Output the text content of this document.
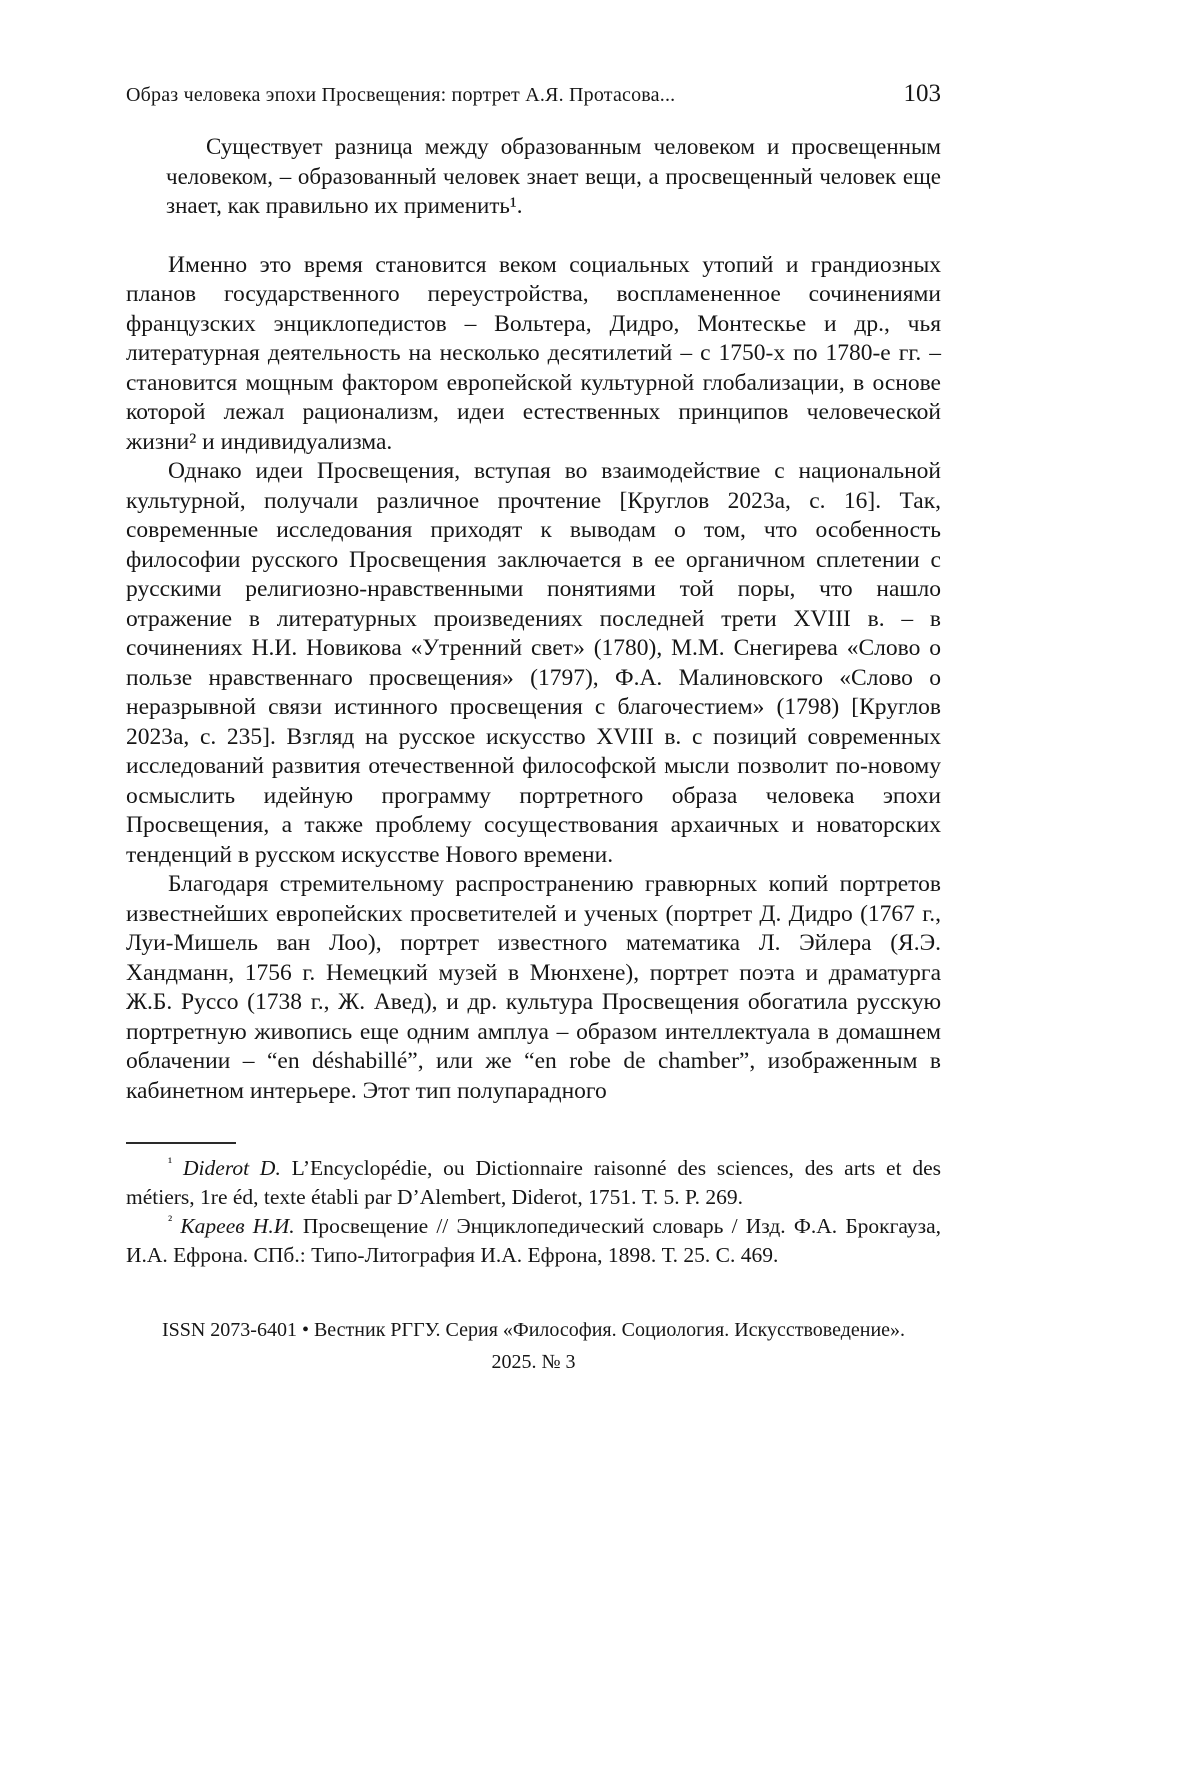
Образ человека эпохи Просвещения: портрет А.Я. Протасова...	103
Существует разница между образованным человеком и просвещенным человеком, – образованный человек знает вещи, а просвещенный человек еще знает, как правильно их применить¹.

Именно это время становится веком социальных утопий и грандиозных планов государственного переустройства, воспламененное сочинениями французских энциклопедистов – Вольтера, Дидро, Монтескье и др., чья литературная деятельность на несколько десятилетий – с 1750-х по 1780-е гг. – становится мощным фактором европейской культурной глобализации, в основе которой лежал рационализм, идеи естественных принципов человеческой жизни² и индивидуализма.

Однако идеи Просвещения, вступая во взаимодействие с национальной культурной, получали различное прочтение [Круглов 2023а, с. 16]. Так, современные исследования приходят к выводам о том, что особенность философии русского Просвещения заключается в ее органичном сплетении с русскими религиозно-нравственными понятиями той поры, что нашло отражение в литературных произведениях последней трети XVIII в. – в сочинениях Н.И. Новикова «Утренний свет» (1780), М.М. Снегирева «Слово о пользе нравственнаго просвещения» (1797), Ф.А. Малиновского «Слово о неразрывной связи истинного просвещения с благочестием» (1798) [Круглов 2023а, с. 235]. Взгляд на русское искусство XVIII в. с позиций современных исследований развития отечественной философской мысли позволит по-новому осмыслить идейную программу портретного образа человека эпохи Просвещения, а также проблему сосуществования архаичных и новаторских тенденций в русском искусстве Нового времени.

Благодаря стремительному распространению гравюрных копий портретов известнейших европейских просветителей и ученых (портрет Д. Дидро (1767 г., Луи-Мишель ван Лоо), портрет известного математика Л. Эйлера (Я.Э. Хандманн, 1756 г. Немецкий музей в Мюнхене), портрет поэта и драматурга Ж.Б. Руссо (1738 г., Ж. Авед), и др. культура Просвещения обогатила русскую портретную живопись еще одним амплуа – образом интеллектуала в домашнем облачении – “en déshabillé”, или же “en robe de chamber”, изображенным в кабинетном интерьере. Этот тип полупарадного

$^{^1}$ Diderot D. L’Encyclopédie, ou Dictionnaire raisonné des sciences, des arts et des métiers, 1re éd, texte établi par D’Alembert, Diderot, 1751. Т. 5. P. 269.

$^{^2}$ Кареев Н.И. Просвещение // Энциклопедический словарь / Изд. Ф.А. Брокгауза, И.А. Ефрона. СПб.: Типо-Литография И.А. Ефрона, 1898. Т. 25. С. 469.

ISSN 2073-6401 • Вестник РГГУ. Серия «Философия. Социология. Искусствоведение».
2025. № 3
